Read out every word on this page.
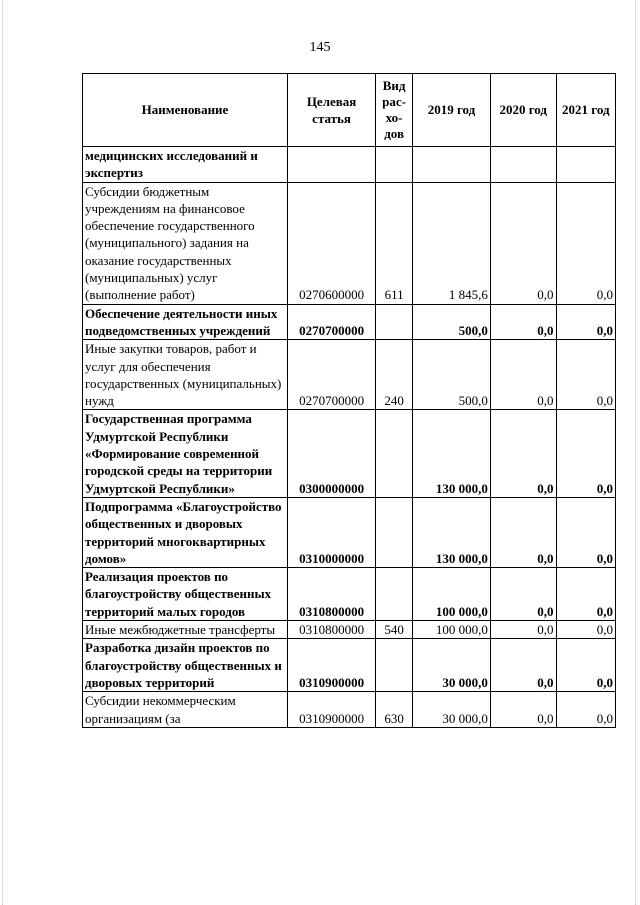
145
Наименование	Целевая статья	Вид рас-хо-дов	2019 год	2020 год	2021 год
медицинских исследований и экспертиз					
Субсидии бюджетным учреждениям на финансовое обеспечение государственного (муниципального) задания на оказание государственных (муниципальных) услуг (выполнение работ)	0270600000	611	1 845,6	0,0	0,0
Обеспечение деятельности иных подведомственных учреждений	0270700000		500,0	0,0	0,0
Иные закупки товаров, работ и услуг для обеспечения государственных (муниципальных) нужд	0270700000	240	500,0	0,0	0,0
Государственная программа Удмуртской Республики «Формирование современной городской среды на территории Удмуртской Республики»	0300000000		130 000,0	0,0	0,0
Подпрограмма «Благоустройство общественных и дворовых территорий многоквартирных домов»	0310000000		130 000,0	0,0	0,0
Реализация проектов по благоустройству общественных территорий малых городов	0310800000		100 000,0	0,0	0,0
Иные межбюджетные трансферты	0310800000	540	100 000,0	0,0	0,0
Разработка дизайн проектов по благоустройству общественных и дворовых территорий	0310900000		30 000,0	0,0	0,0
Субсидии некоммерческим организациям (за	0310900000	630	30 000,0	0,0	0,0
